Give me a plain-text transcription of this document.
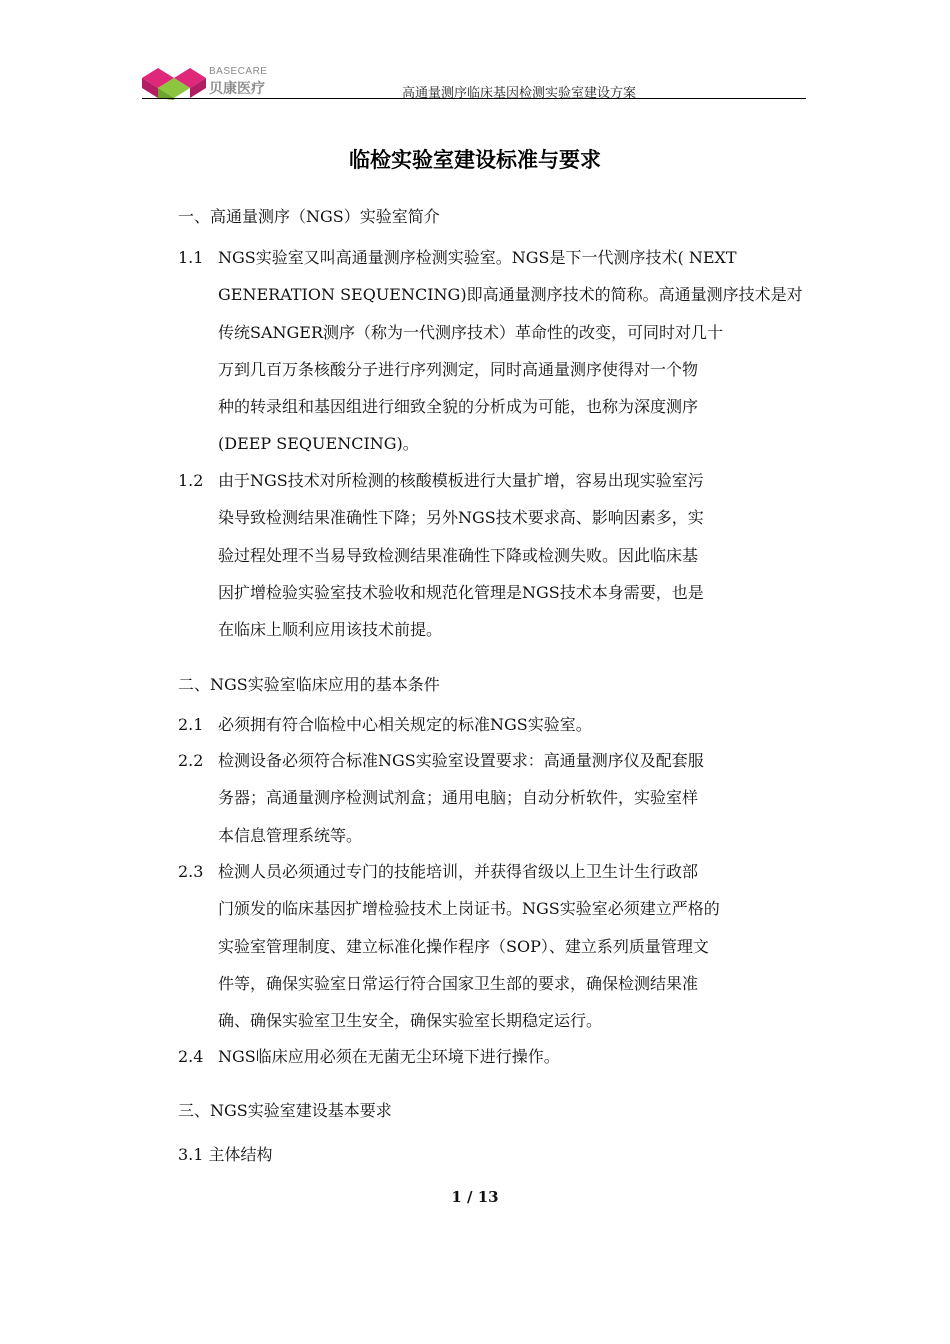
BASECARE
贝康医疗	高通量测序临床基因检测实验室建设方案
临检实验室建设标准与要求
一、高通量测序（NGS）实验室简介
1.1 NGS实验室又叫高通量测序检测实验室。NGS是下一代测序技术( NEXT
GENERATION SEQUENCING)即高通量测序技术的简称。高通量测序技术是对
传统SANGER测序（称为一代测序技术）革命性的改变，可同时对几十
万到几百万条核酸分子进行序列测定，同时高通量测序使得对一个物
种的转录组和基因组进行细致全貌的分析成为可能，也称为深度测序
(DEEP SEQUENCING)。
1.2 由于NGS技术对所检测的核酸模板进行大量扩增，容易出现实验室污
染导致检测结果准确性下降；另外NGS技术要求高、影响因素多，实
验过程处理不当易导致检测结果准确性下降或检测失败。因此临床基
因扩增检验实验室技术验收和规范化管理是NGS技术本身需要，也是
在临床上顺利应用该技术前提。
二、NGS实验室临床应用的基本条件
2.1 必须拥有符合临检中心相关规定的标准NGS实验室。
2.2 检测设备必须符合标准NGS实验室设置要求：高通量测序仪及配套服
务器；高通量测序检测试剂盒；通用电脑；自动分析软件，实验室样
本信息管理系统等。
2.3 检测人员必须通过专门的技能培训，并获得省级以上卫生计生行政部
门颁发的临床基因扩增检验技术上岗证书。NGS实验室必须建立严格的
实验室管理制度、建立标准化操作程序（SOP）、建立系列质量管理文
件等，确保实验室日常运行符合国家卫生部的要求，确保检测结果准
确、确保实验室卫生安全，确保实验室长期稳定运行。
2.4 NGS临床应用必须在无菌无尘环境下进行操作。
三、NGS实验室建设基本要求
3.1 主体结构
1 / 13
